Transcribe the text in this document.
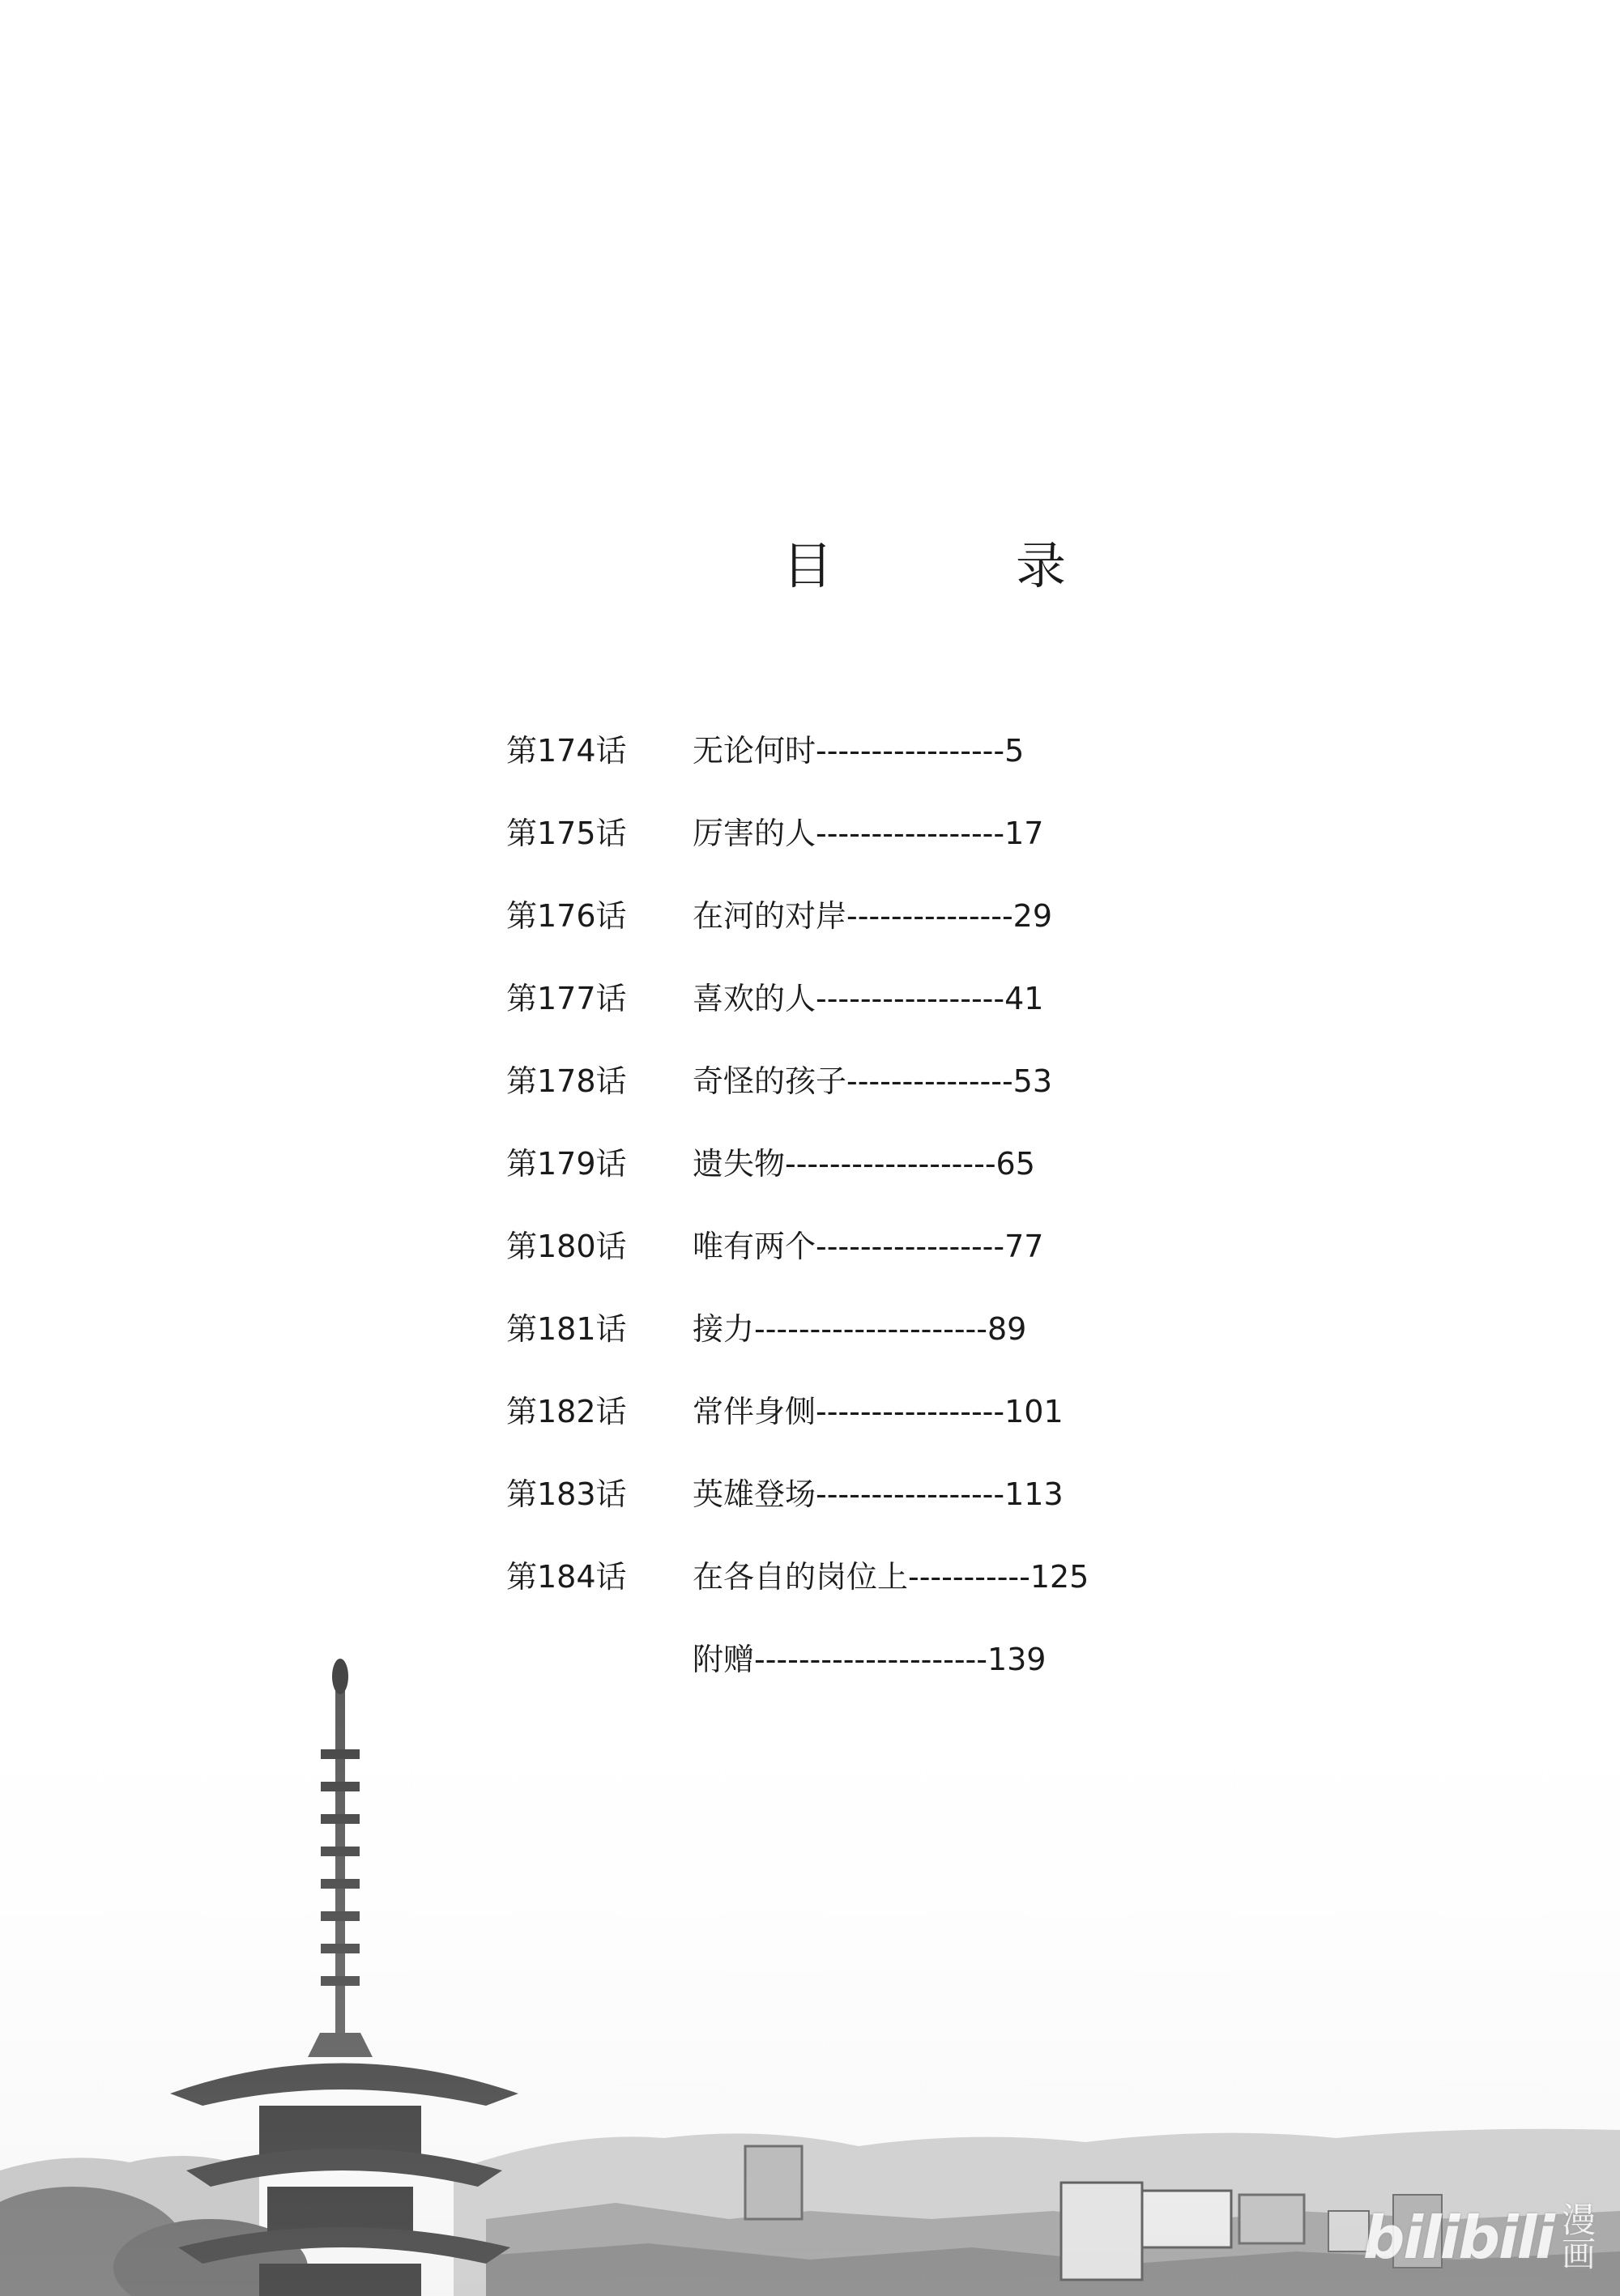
目　录
第174话	无论何时-----------------5
第175话	厉害的人-----------------17
第176话	在河的对岸---------------29
第177话	喜欢的人-----------------41
第178话	奇怪的孩子---------------53
第179话	遗失物-------------------65
第180话	唯有两个-----------------77
第181话	接力---------------------89
第182话	常伴身侧-----------------101
第183话	英雄登场-----------------113
第184话	在各自的岗位上-----------125
附赠---------------------139
bilibili 漫
画
